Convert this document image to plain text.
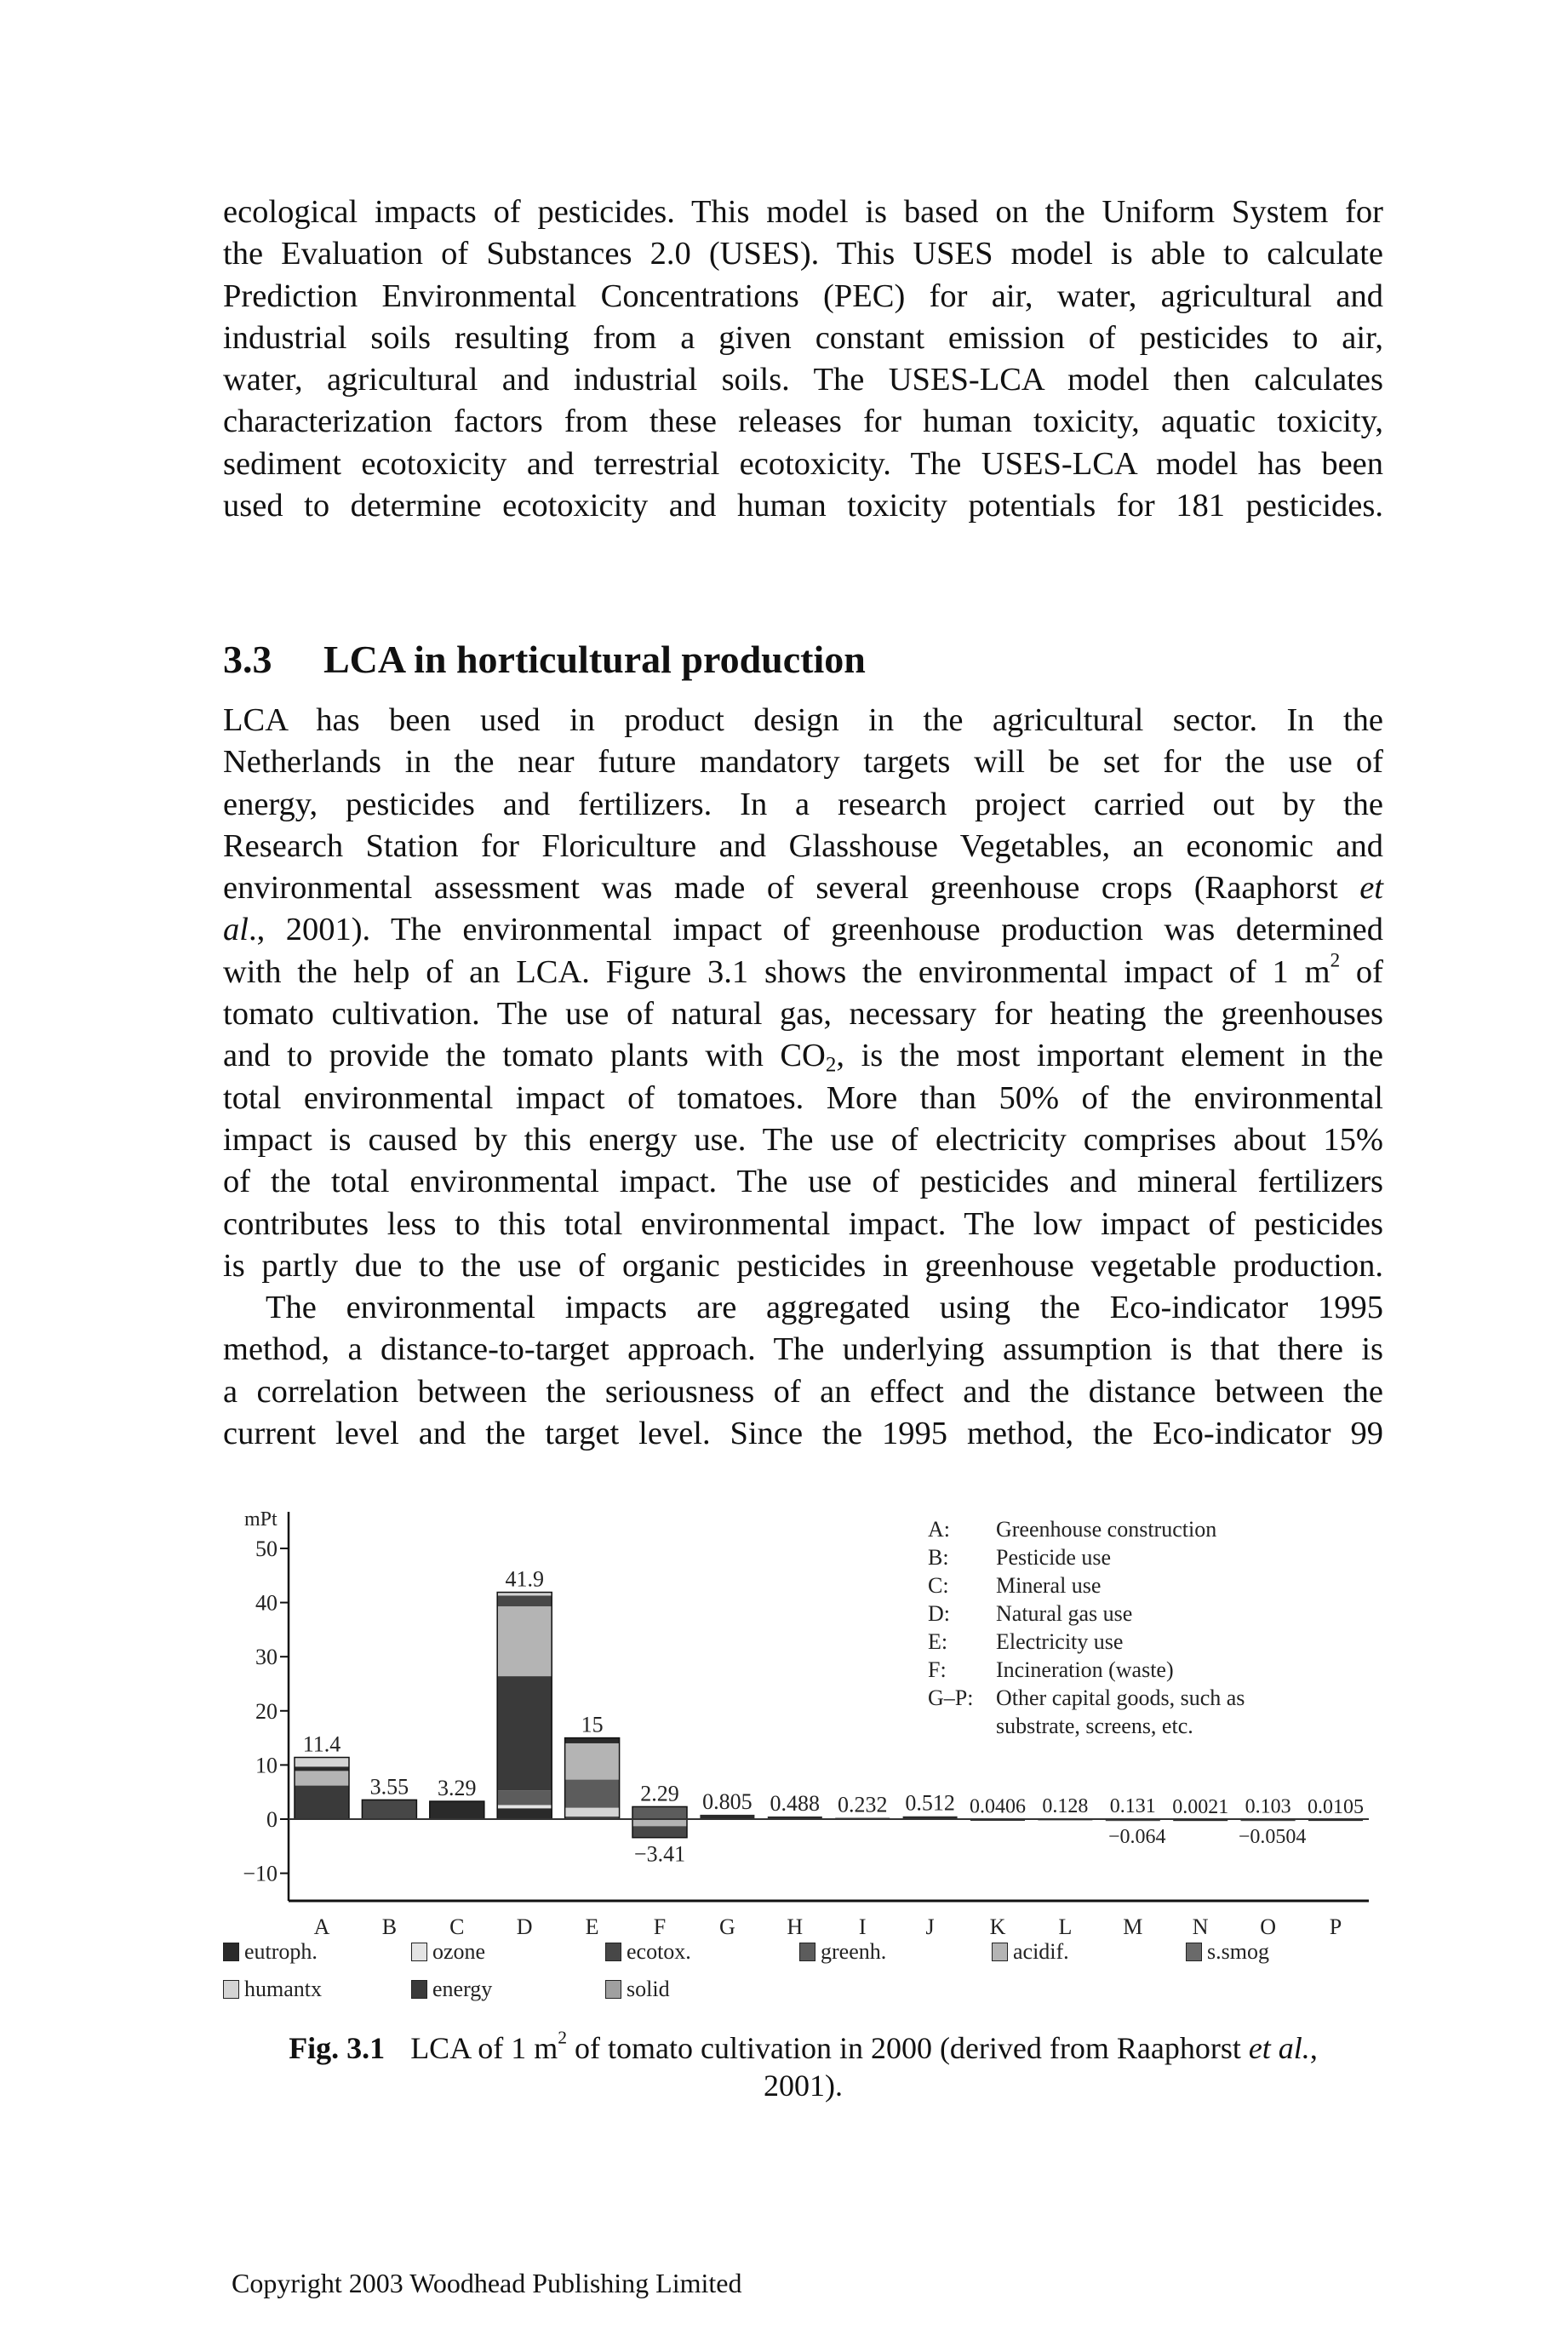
ecological impacts of pesticides. This model is based on the Uniform System for
the Evaluation of Substances 2.0 (USES). This USES model is able to calculate
Prediction Environmental Concentrations (PEC) for air, water, agricultural and
industrial soils resulting from a given constant emission of pesticides to air,
water, agricultural and industrial soils. The USES-LCA model then calculates
characterization factors from these releases for human toxicity, aquatic toxicity,
sediment ecotoxicity and terrestrial ecotoxicity. The USES-LCA model has been
used to determine ecotoxicity and human toxicity potentials for 181 pesticides.
3.3 LCA in horticultural production
LCA has been used in product design in the agricultural sector. In the
Netherlands in the near future mandatory targets will be set for the use of
energy, pesticides and fertilizers. In a research project carried out by the
Research Station for Floriculture and Glasshouse Vegetables, an economic and
environmental assessment was made of several greenhouse crops (Raaphorst et
al., 2001). The environmental impact of greenhouse production was determined
with the help of an LCA. Figure 3.1 shows the environmental impact of 1 $m^2$ of
tomato cultivation. The use of natural gas, necessary for heating the greenhouses
and to provide the tomato plants with $CO_2$, is the most important element in the
total environmental impact of tomatoes. More than 50% of the environmental
impact is caused by this energy use. The use of electricity comprises about 15%
of the total environmental impact. The use of pesticides and mineral fertilizers
contributes less to this total environmental impact. The low impact of pesticides
is partly due to the use of organic pesticides in greenhouse vegetable production.
The environmental impacts are aggregated using the Eco-indicator 1995
method, a distance-to-target approach. The underlying assumption is that there is
a correlation between the seriousness of an effect and the distance between the
current level and the target level. Since the 1995 method, the Eco-indicator 99
mPt
50
40
30
20
10
0
−10
11.4
A
3.55
B
3.29
C
41.9
D
15
E
2.29
−3.41
F
0.805
G
0.488
H
0.232
I
0.512
J
0.0406
K
0.128
L
0.131
−0.064
M
0.0021
N
0.103
−0.0504
O
0.0105
P
A:	Greenhouse construction
B:	Pesticide use
C:	Mineral use
D:	Natural gas use
E:	Electricity use
F:	Incineration (waste)
G–P:	Other capital goods, such as
substrate, screens, etc.
eutroph.	ozone	ecotox.	greenh.	acidif.	s.smog
humantx	energy	solid
Fig. 3.1 LCA of 1 $m^2$ of tomato cultivation in 2000 (derived from Raaphorst et al.,
2001).
Copyright 2003 Woodhead Publishing Limited
